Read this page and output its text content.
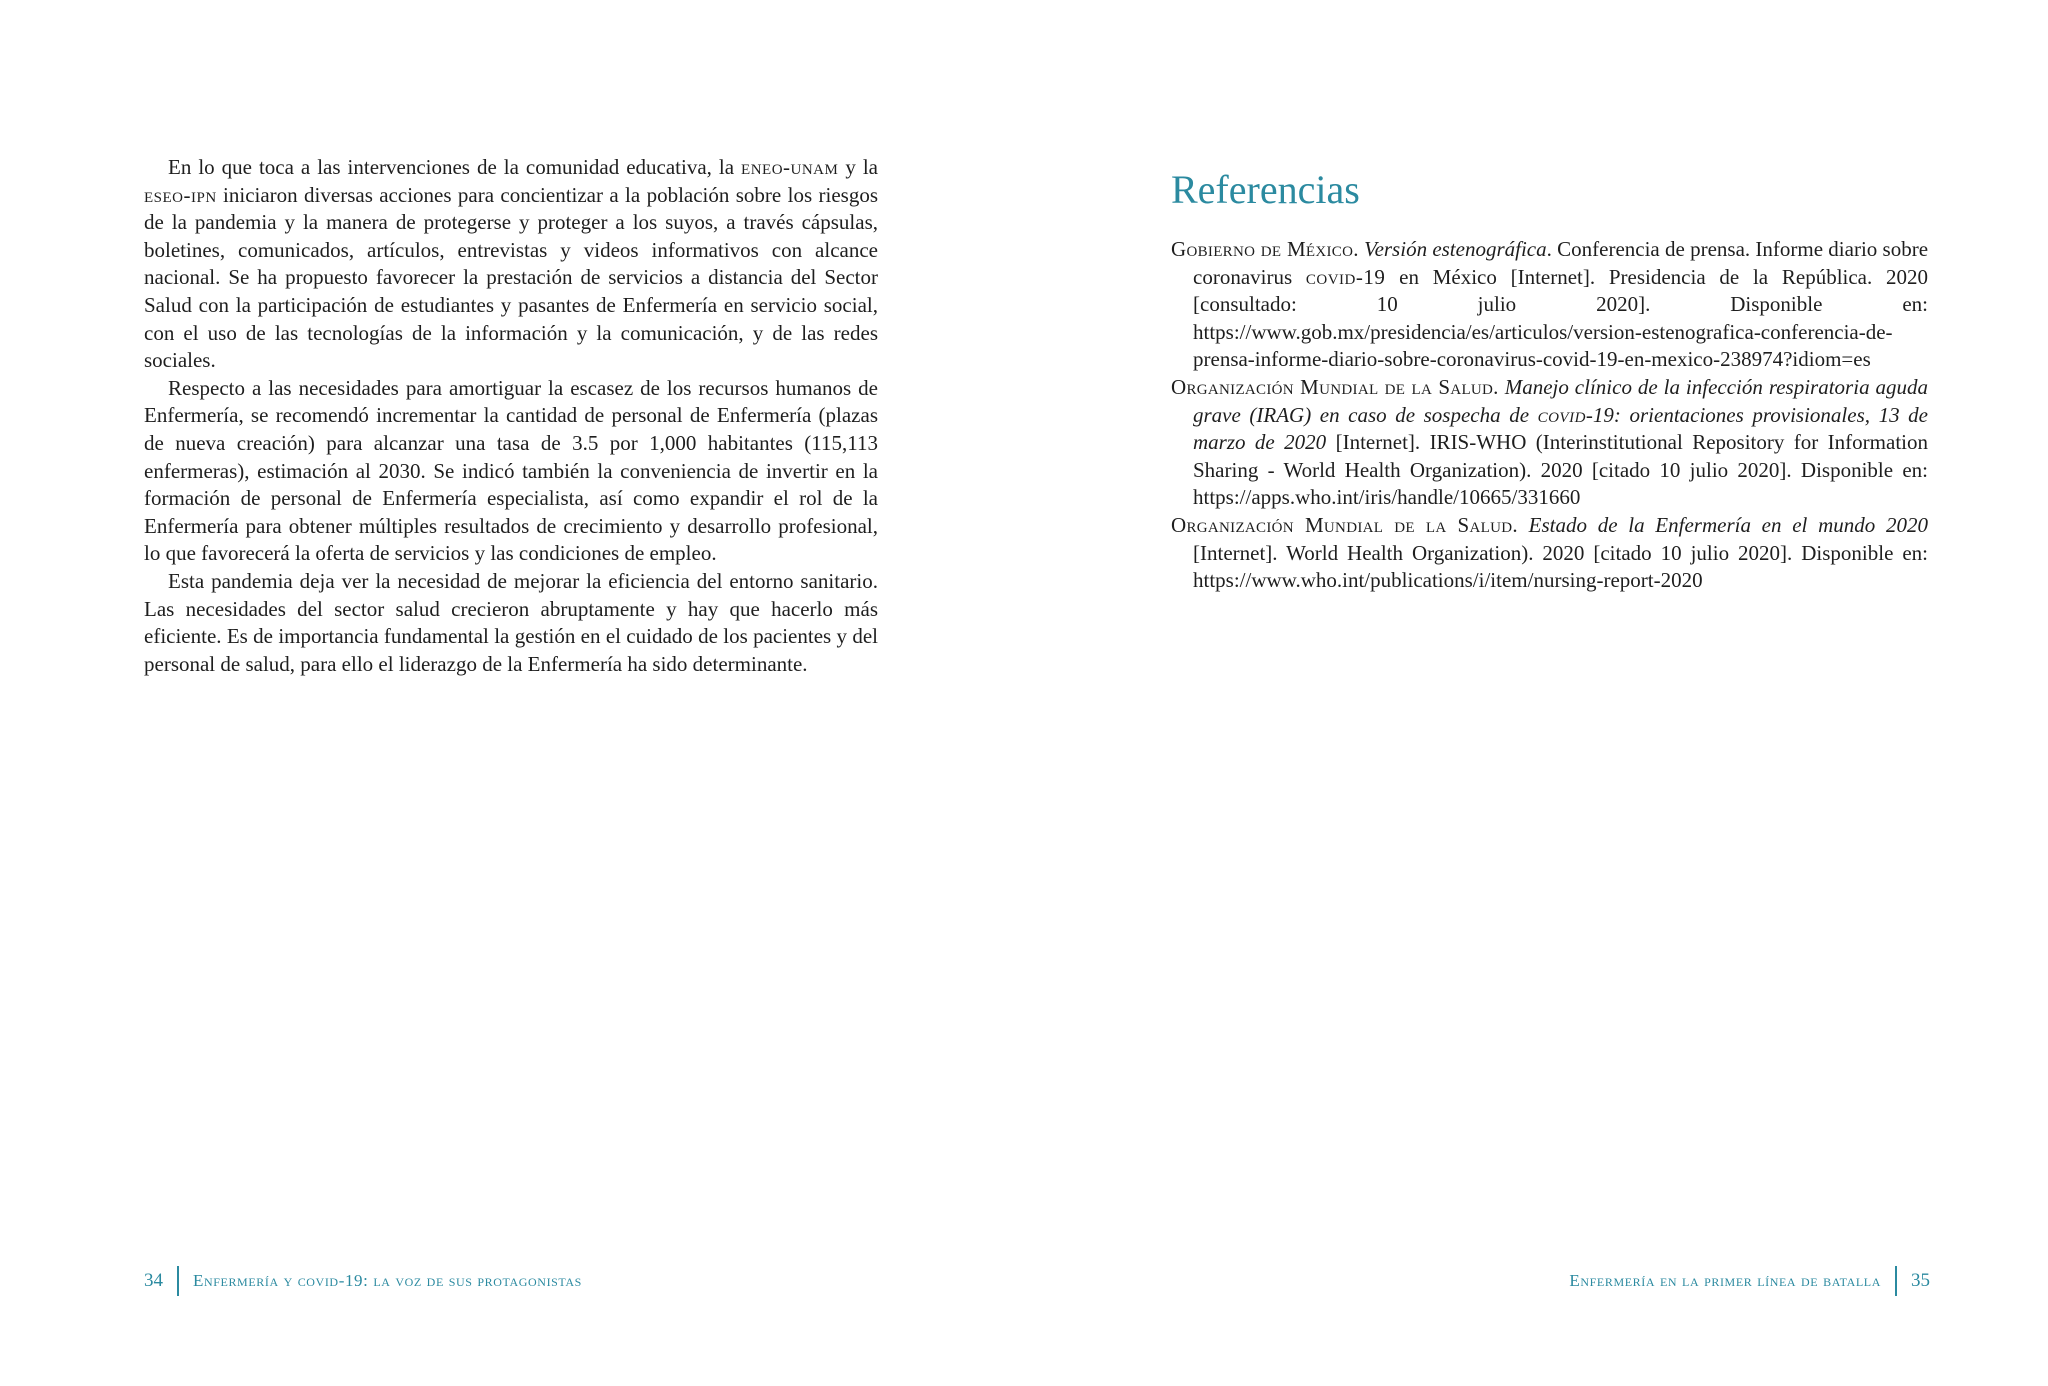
En lo que toca a las intervenciones de la comunidad educativa, la eneo-unam y la eseo-ipn iniciaron diversas acciones para concientizar a la población sobre los riesgos de la pandemia y la manera de protegerse y proteger a los suyos, a través cápsulas, boletines, comunicados, artículos, entrevistas y videos informativos con alcance nacional. Se ha propuesto favorecer la prestación de servicios a distancia del Sector Salud con la participación de estudiantes y pasantes de Enfermería en servicio social, con el uso de las tecnologías de la información y la comunicación, y de las redes sociales.

Respecto a las necesidades para amortiguar la escasez de los recursos humanos de Enfermería, se recomendó incrementar la cantidad de personal de Enfermería (plazas de nueva creación) para alcanzar una tasa de 3.5 por 1,000 habitantes (115,113 enfermeras), estimación al 2030. Se indicó también la conveniencia de invertir en la formación de personal de Enfermería especialista, así como expandir el rol de la Enfermería para obtener múltiples resultados de crecimiento y desarrollo profesional, lo que favorecerá la oferta de servicios y las condiciones de empleo.

Esta pandemia deja ver la necesidad de mejorar la eficiencia del entorno sanitario. Las necesidades del sector salud crecieron abruptamente y hay que hacerlo más eficiente. Es de importancia fundamental la gestión en el cuidado de los pacientes y del personal de salud, para ello el liderazgo de la Enfermería ha sido determinante.

34 Enfermería y covid-19: la voz de sus protagonistas
Referencias
Gobierno de México. Versión estenográfica. Conferencia de prensa. Informe diario sobre coronavirus covid-19 en México [Internet]. Presidencia de la República. 2020 [consultado: 10 julio 2020]. Disponible en: https://www.gob.mx/presidencia/es/articulos/version-estenografica-conferencia-de-prensa-informe-diario-sobre-coronavirus-covid-19-en-mexico-238974?idiom=es
Organización Mundial de la Salud. Manejo clínico de la infección respiratoria aguda grave (IRAG) en caso de sospecha de covid-19: orientaciones provisionales, 13 de marzo de 2020 [Internet]. IRIS-WHO (Interinstitutional Repository for Information Sharing - World Health Organization). 2020 [citado 10 julio 2020]. Disponible en: https://apps.who.int/iris/handle/10665/331660
Organización Mundial de la Salud. Estado de la Enfermería en el mundo 2020 [Internet]. World Health Organization). 2020 [citado 10 julio 2020]. Disponible en: https://www.who.int/publications/i/item/nursing-report-2020
Enfermería en la primer línea de batalla 35
